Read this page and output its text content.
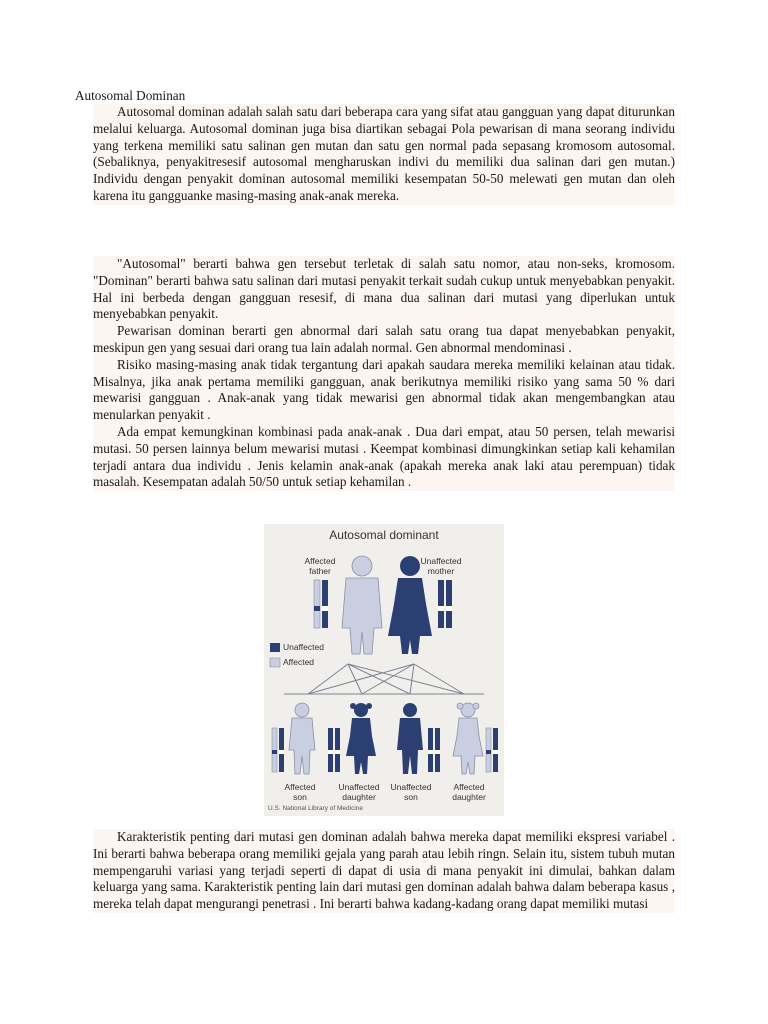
Autosomal Dominan

Autosomal dominan adalah salah satu dari beberapa cara yang sifat atau gangguan yang dapat diturunkan melalui keluarga. Autosomal dominan juga bisa diartikan sebagai Pola pewarisan di mana seorang individu yang terkena memiliki satu salinan gen mutan dan satu gen normal pada sepasang kromosom autosomal. (Sebaliknya, penyakitresesif autosomal mengharuskan indivi du memiliki dua salinan dari gen mutan.) Individu dengan penyakit dominan autosomal memiliki kesempatan 50-50 melewati gen mutan dan oleh karena itu gangguanke masing-masing anak-anak mereka.

"Autosomal" berarti bahwa gen tersebut terletak di salah satu nomor, atau non-seks, kromosom. "Dominan" berarti bahwa satu salinan dari mutasi penyakit terkait sudah cukup untuk menyebabkan penyakit. Hal ini berbeda dengan gangguan resesif, di mana dua salinan dari mutasi yang diperlukan untuk menyebabkan penyakit.

Pewarisan dominan berarti gen abnormal dari salah satu orang tua dapat menyebabkan penyakit, meskipun gen yang sesuai dari orang tua lain adalah normal. Gen abnormal mendominasi .

Risiko masing-masing anak tidak tergantung dari apakah saudara mereka memiliki kelainan atau tidak. Misalnya, jika anak pertama memiliki gangguan, anak berikutnya memiliki risiko yang sama 50 % dari mewarisi gangguan . Anak-anak yang tidak mewarisi gen abnormal tidak akan mengembangkan atau menularkan penyakit .

Ada empat kemungkinan kombinasi pada anak-anak . Dua dari empat, atau 50 persen, telah mewarisi mutasi. 50 persen lainnya belum mewarisi mutasi . Keempat kombinasi dimungkinkan setiap kali kehamilan terjadi antara dua individu . Jenis kelamin anak-anak (apakah mereka anak laki atau perempuan) tidak masalah. Kesempatan adalah 50/50 untuk setiap kehamilan .

Autosomal dominant
Affected
father
Unaffected
mother
Unaffected
Affected
Affected
son
Unaffected
daughter
Unaffected
son
Affected
daughter
U.S. National Library of Medicine

Karakteristik penting dari mutasi gen dominan adalah bahwa mereka dapat memiliki ekspresi variabel . Ini berarti bahwa beberapa orang memiliki gejala yang parah atau lebih ringn. Selain itu, sistem tubuh mutan mempengaruhi variasi yang terjadi seperti di dapat di usia di mana penyakit ini dimulai, bahkan dalam keluarga yang sama. Karakteristik penting lain dari mutasi gen dominan adalah bahwa dalam beberapa kasus , mereka telah dapat mengurangi penetrasi . Ini berarti bahwa kadang-kadang orang dapat memiliki mutasi
